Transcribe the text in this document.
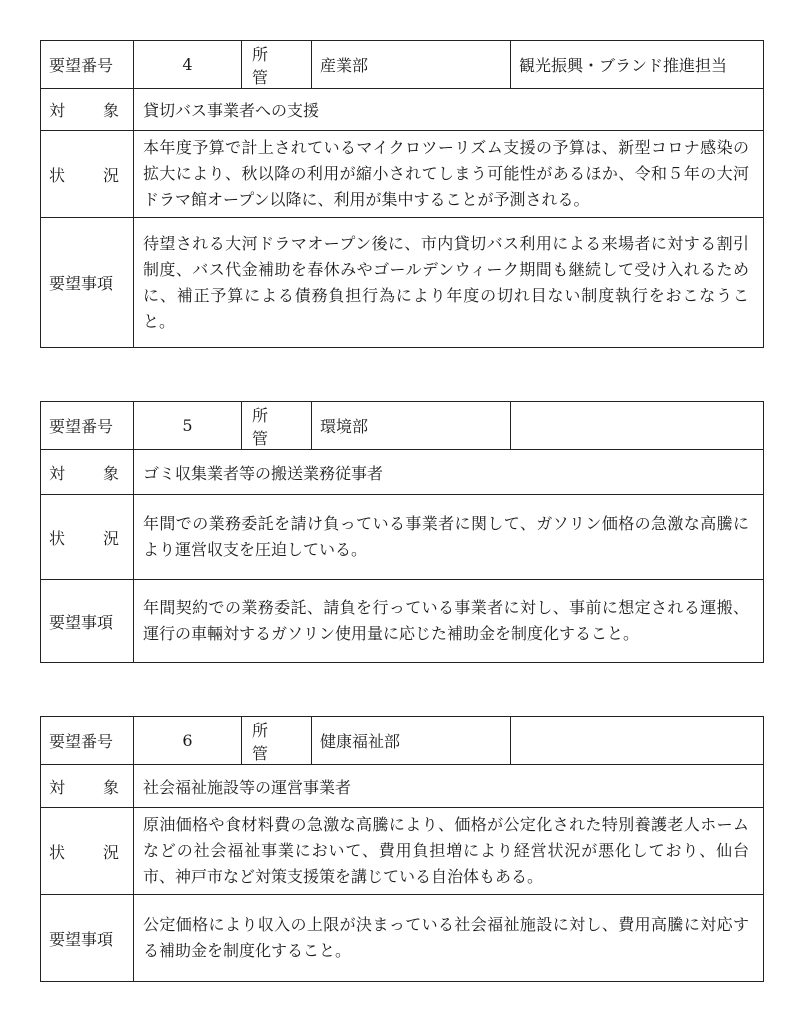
要望番号	4	所　管	産業部	観光振興・ブランド推進担当
対　象	貸切バス事業者への支援			
状　況	本年度予算で計上されているマイクロツーリズム支援の予算は、新型コロナ感染の拡大により、秋以降の利用が縮小されてしまう可能性があるほか、令和５年の大河ドラマ館オープン以降に、利用が集中することが予測される。			
要望事項	待望される大河ドラマオープン後に、市内貸切バス利用による来場者に対する割引制度、バス代金補助を春休みやゴールデンウィーク期間も継続して受け入れるために、補正予算による債務負担行為により年度の切れ目ない制度執行をおこなうこと。			
要望番号	5	所　管	環境部	
対　象	ゴミ収集業者等の搬送業務従事者			
状　況	年間での業務委託を請け負っている事業者に関して、ガソリン価格の急激な高騰により運営収支を圧迫している。			
要望事項	年間契約での業務委託、請負を行っている事業者に対し、事前に想定される運搬、運行の車輛対するガソリン使用量に応じた補助金を制度化すること。			
要望番号	6	所　管	健康福祉部	
対　象	社会福祉施設等の運営事業者			
状　況	原油価格や食材料費の急激な高騰により、価格が公定化された特別養護老人ホームなどの社会福祉事業において、費用負担増により経営状況が悪化しており、仙台市、神戸市など対策支援策を講じている自治体もある。			
要望事項	公定価格により収入の上限が決まっている社会福祉施設に対し、費用高騰に対応する補助金を制度化すること。			
